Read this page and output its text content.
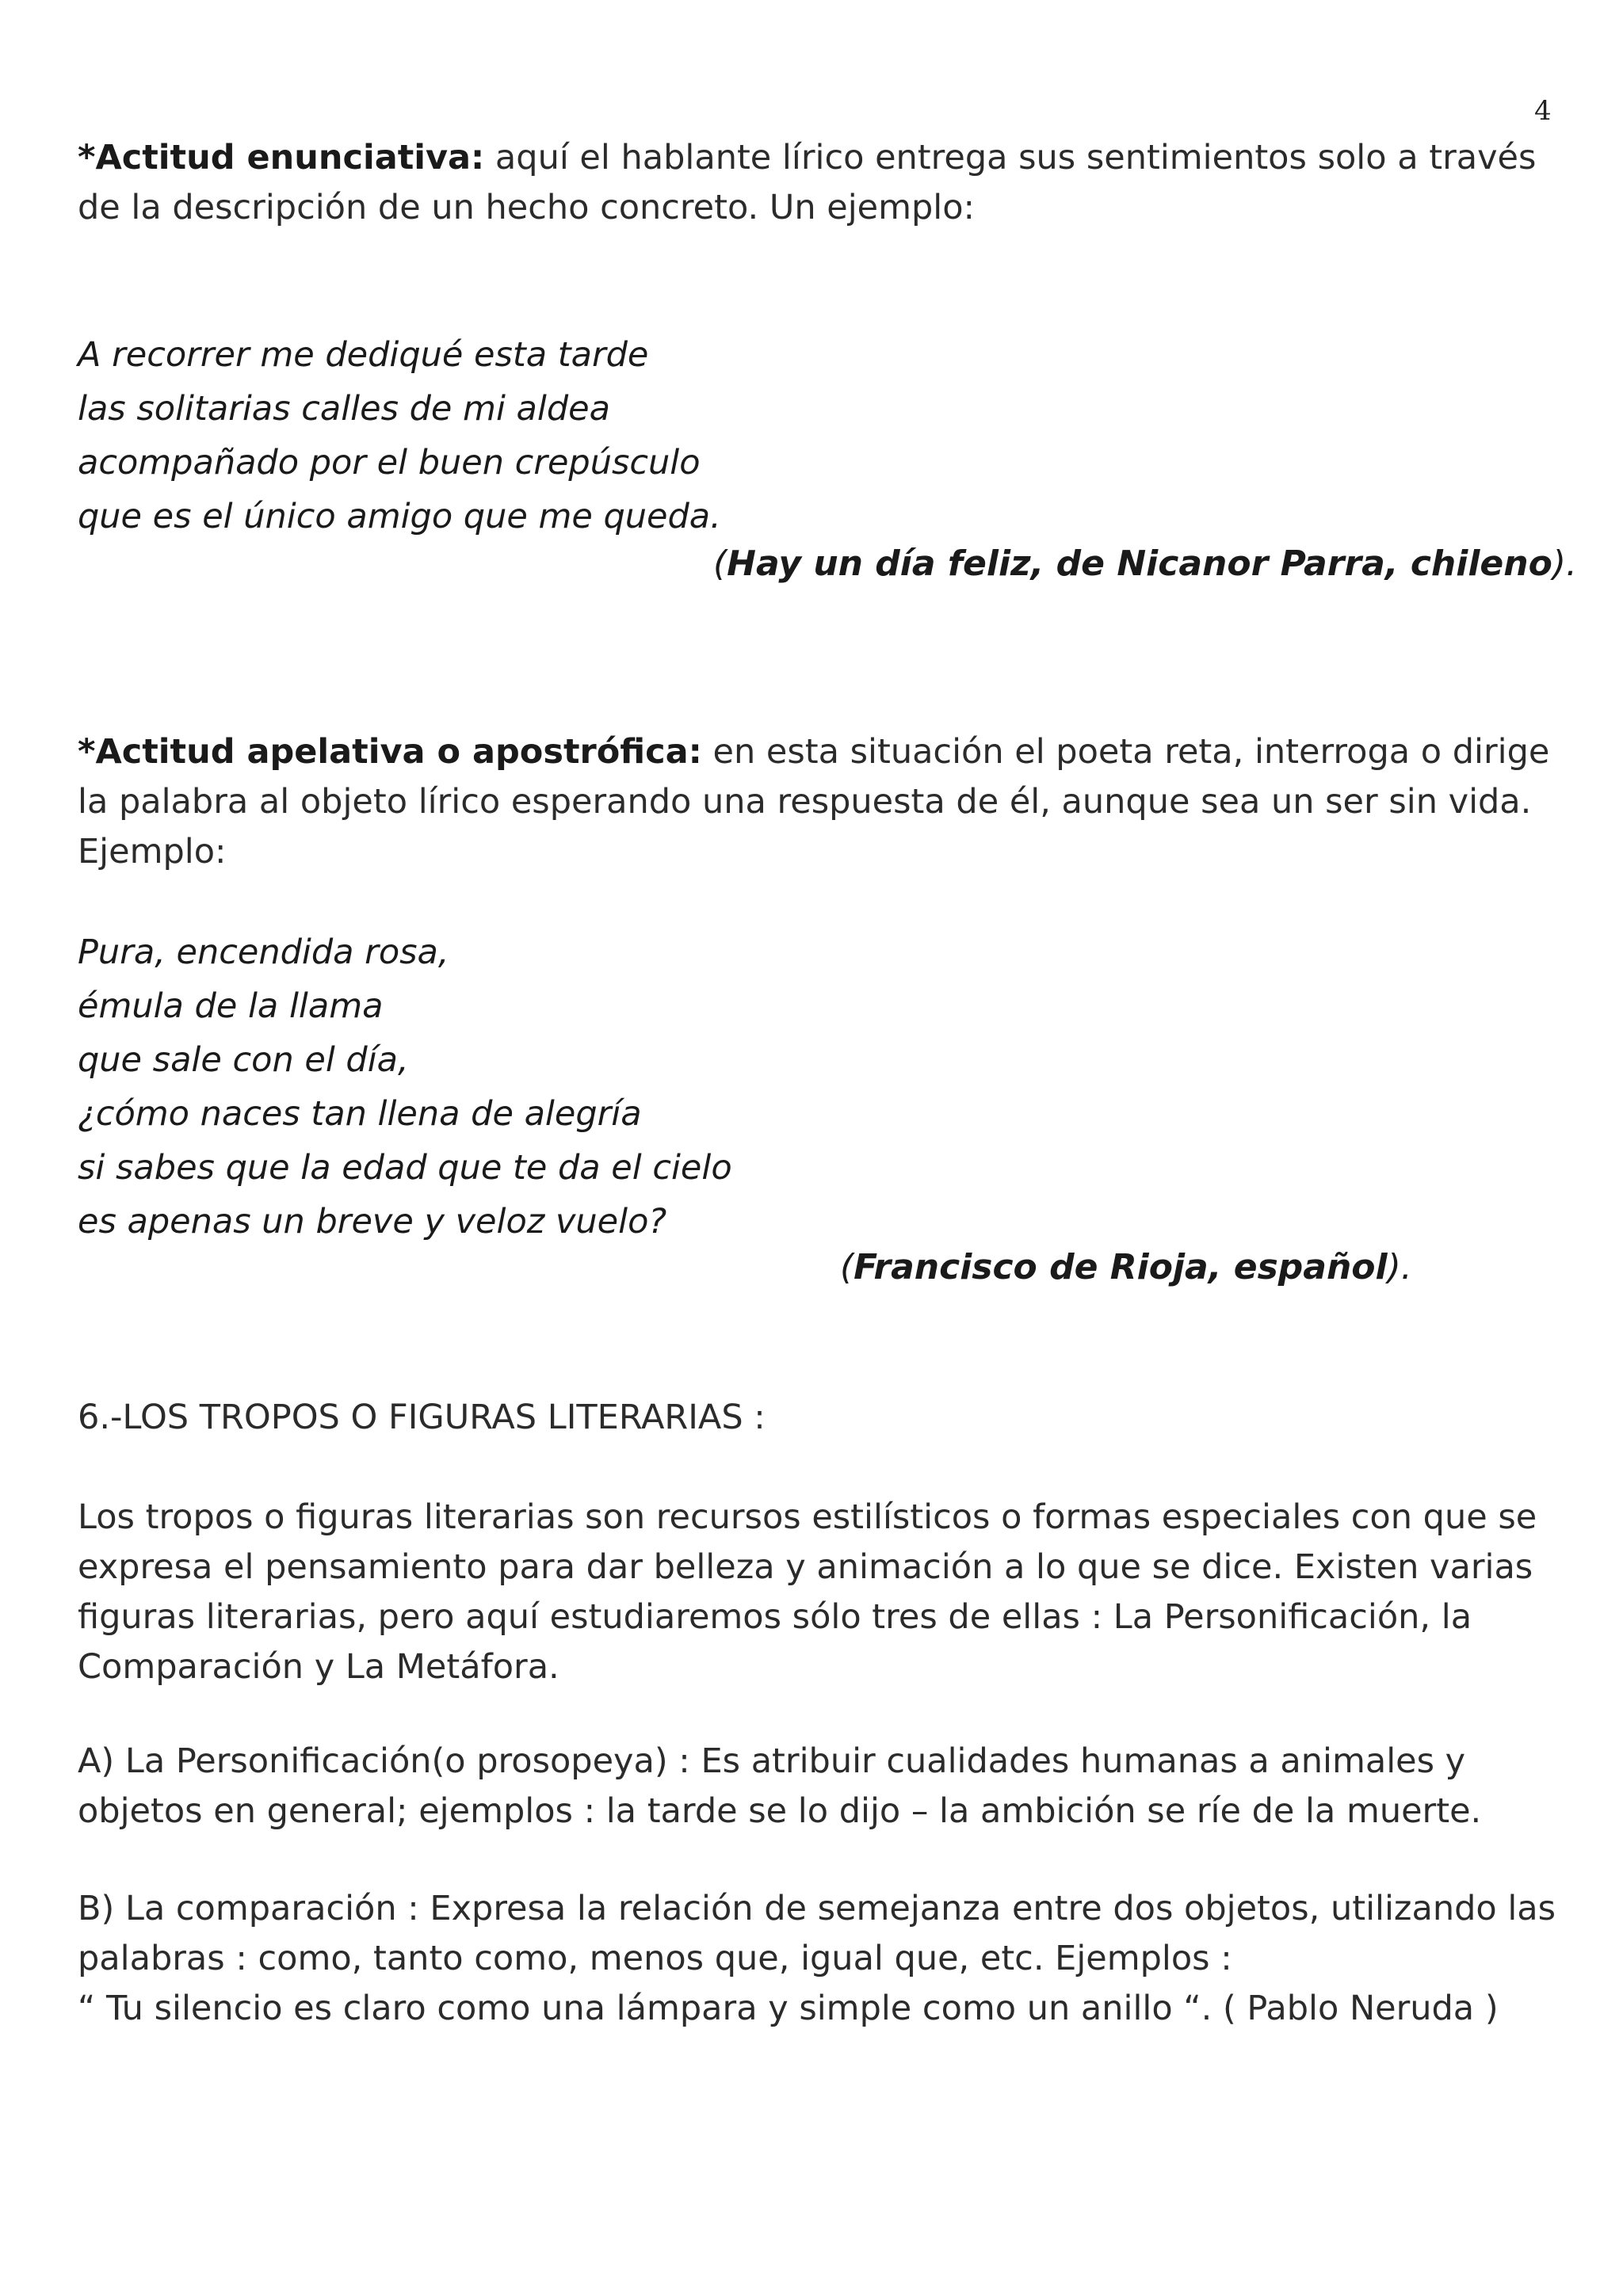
4
*Actitud enunciativa: aquí el hablante lírico entrega sus sentimientos solo a través de la descripción de un hecho concreto. Un ejemplo:
A recorrer me dediqué esta tarde
las solitarias calles de mi aldea
acompañado por el buen crepúsculo
que es el único amigo que me queda.
(Hay un día feliz, de Nicanor Parra, chileno).
*Actitud apelativa o apostrófica: en esta situación el poeta reta, interroga o dirige la palabra al objeto lírico esperando una respuesta de él, aunque sea un ser sin vida. Ejemplo:
Pura, encendida rosa,
émula de la llama
que sale con el día,
¿cómo naces tan llena de alegría
si sabes que la edad que te da el cielo
es apenas un breve y veloz vuelo?
(Francisco de Rioja, español).
6.-LOS TROPOS O FIGURAS LITERARIAS :
Los tropos o figuras literarias son recursos estilísticos o formas especiales con que se expresa el pensamiento para dar belleza y animación a lo que se dice. Existen varias figuras literarias, pero aquí estudiaremos sólo tres de ellas : La Personificación, la Comparación y La Metáfora.
A) La Personificación(o prosopeya) : Es atribuir cualidades humanas a animales y objetos en general; ejemplos : la tarde se lo dijo – la ambición se ríe de la muerte.
B) La comparación : Expresa la relación de semejanza entre dos objetos, utilizando las palabras : como, tanto como, menos que, igual que, etc. Ejemplos :
“ Tu silencio es claro como una lámpara y simple como un anillo “. ( Pablo Neruda )
